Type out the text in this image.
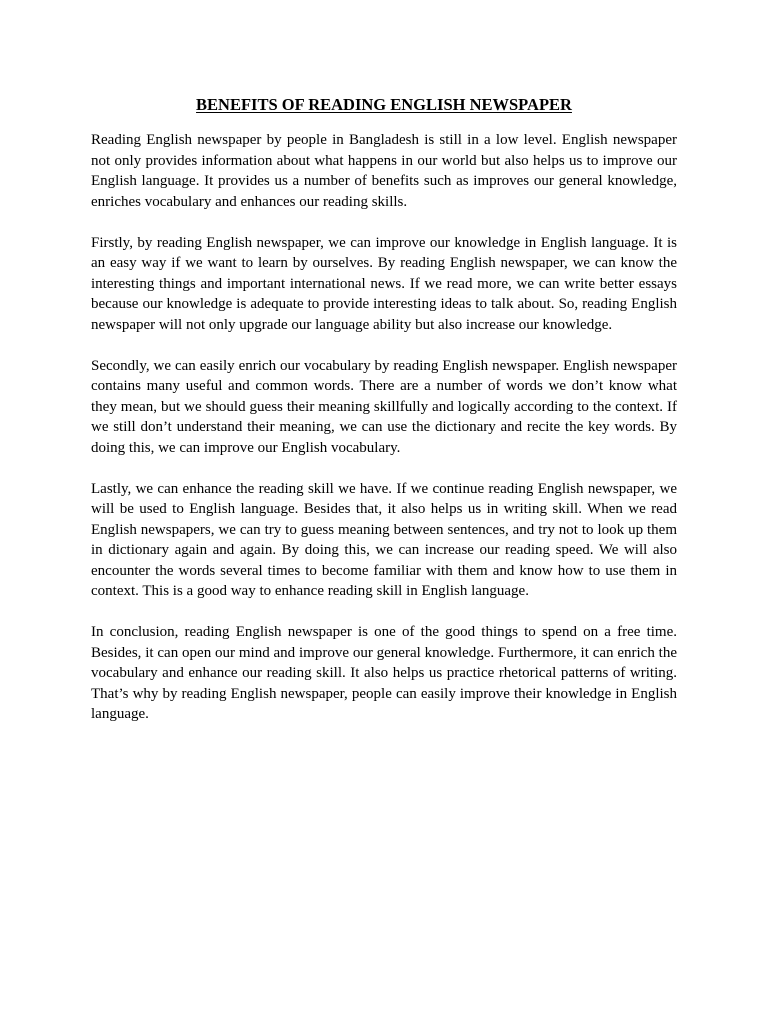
BENEFITS OF READING ENGLISH NEWSPAPER

Reading English newspaper by people in Bangladesh is still in a low level. English newspaper not only provides information about what happens in our world but also helps us to improve our English language. It provides us a number of benefits such as improves our general knowledge, enriches vocabulary and enhances our reading skills.

Firstly, by reading English newspaper, we can improve our knowledge in English language. It is an easy way if we want to learn by ourselves. By reading English newspaper, we can know the interesting things and important international news. If we read more, we can write better essays because our knowledge is adequate to provide interesting ideas to talk about. So, reading English newspaper will not only upgrade our language ability but also increase our knowledge.

Secondly, we can easily enrich our vocabulary by reading English newspaper. English newspaper contains many useful and common words. There are a number of words we don’t know what they mean, but we should guess their meaning skillfully and logically according to the context. If we still don’t understand their meaning, we can use the dictionary and recite the key words. By doing this, we can improve our English vocabulary.

Lastly, we can enhance the reading skill we have. If we continue reading English newspaper, we will be used to English language. Besides that, it also helps us in writing skill. When we read English newspapers, we can try to guess meaning between sentences, and try not to look up them in dictionary again and again. By doing this, we can increase our reading speed. We will also encounter the words several times to become familiar with them and know how to use them in context. This is a good way to enhance reading skill in English language.

In conclusion, reading English newspaper is one of the good things to spend on a free time. Besides, it can open our mind and improve our general knowledge. Furthermore, it can enrich the vocabulary and enhance our reading skill. It also helps us practice rhetorical patterns of writing. That’s why by reading English newspaper, people can easily improve their knowledge in English language.
